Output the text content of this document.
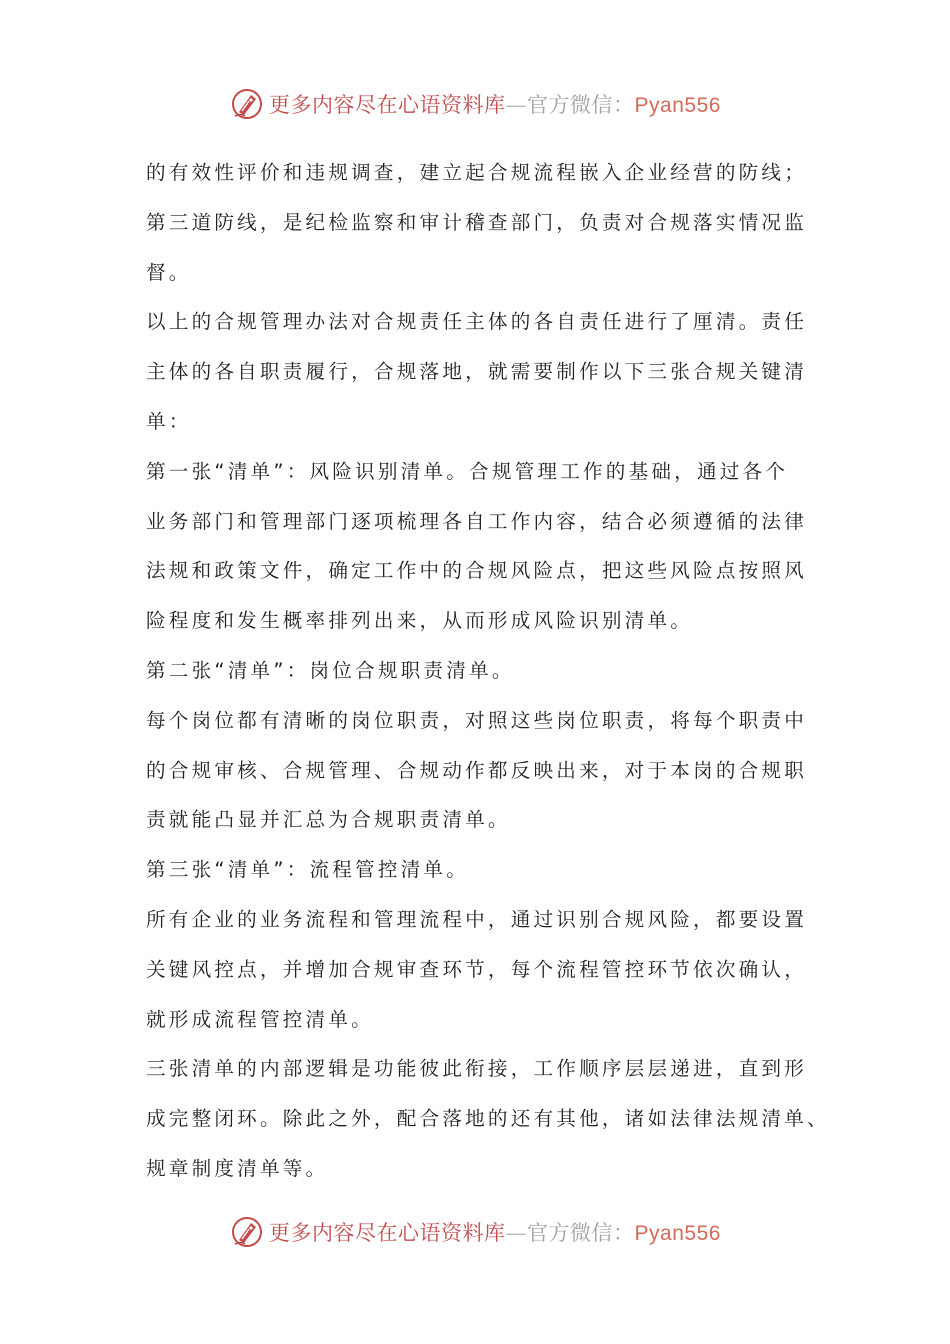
更多内容尽在心语资料库—官方微信：Pyan556
的有效性评价和违规调查，建立起合规流程嵌入企业经营的防线；
第三道防线，是纪检监察和审计稽查部门，负责对合规落实情况监
督。
以上的合规管理办法对合规责任主体的各自责任进行了厘清。责任
主体的各自职责履行，合规落地，就需要制作以下三张合规关键清
单：
第一张“清单”：风险识别清单。合规管理工作的基础，通过各个
业务部门和管理部门逐项梳理各自工作内容，结合必须遵循的法律
法规和政策文件，确定工作中的合规风险点，把这些风险点按照风
险程度和发生概率排列出来，从而形成风险识别清单。
第二张“清单”：岗位合规职责清单。
每个岗位都有清晰的岗位职责，对照这些岗位职责，将每个职责中
的合规审核、合规管理、合规动作都反映出来，对于本岗的合规职
责就能凸显并汇总为合规职责清单。
第三张“清单”：流程管控清单。
所有企业的业务流程和管理流程中，通过识别合规风险，都要设置
关键风控点，并增加合规审查环节，每个流程管控环节依次确认，
就形成流程管控清单。
三张清单的内部逻辑是功能彼此衔接，工作顺序层层递进，直到形
成完整闭环。除此之外，配合落地的还有其他，诸如法律法规清单、
规章制度清单等。
更多内容尽在心语资料库—官方微信：Pyan556
